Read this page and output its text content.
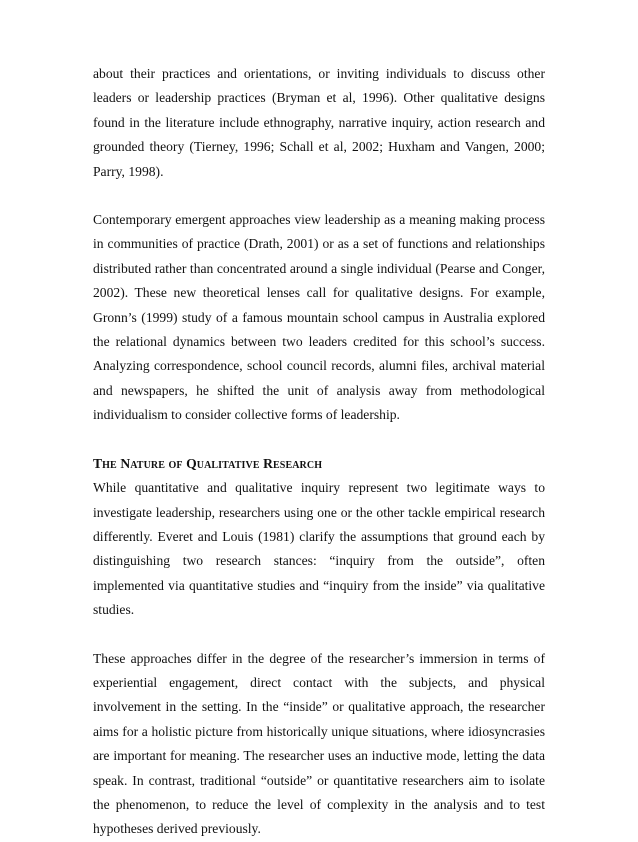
about their practices and orientations, or inviting individuals to discuss other leaders or leadership practices (Bryman et al, 1996). Other qualitative designs found in the literature include ethnography, narrative inquiry, action research and grounded theory (Tierney, 1996; Schall et al, 2002; Huxham and Vangen, 2000; Parry, 1998).

Contemporary emergent approaches view leadership as a meaning making process in communities of practice (Drath, 2001) or as a set of functions and relationships distributed rather than concentrated around a single individual (Pearse and Conger, 2002). These new theoretical lenses call for qualitative designs. For example, Gronn’s (1999) study of a famous mountain school campus in Australia explored the relational dynamics between two leaders credited for this school’s success. Analyzing correspondence, school council records, alumni files, archival material and newspapers, he shifted the unit of analysis away from methodological individualism to consider collective forms of leadership.

The Nature of Qualitative Research

While quantitative and qualitative inquiry represent two legitimate ways to investigate leadership, researchers using one or the other tackle empirical research differently. Everet and Louis (1981) clarify the assumptions that ground each by distinguishing two research stances: “inquiry from the outside”, often implemented via quantitative studies and “inquiry from the inside” via qualitative studies.

These approaches differ in the degree of the researcher’s immersion in terms of experiential engagement, direct contact with the subjects, and physical involvement in the setting. In the “inside” or qualitative approach, the researcher aims for a holistic picture from historically unique situations, where idiosyncrasies are important for meaning. The researcher uses an inductive mode, letting the data speak. In contrast, traditional “outside” or quantitative researchers aim to isolate the phenomenon, to reduce the level of complexity in the analysis and to test hypotheses derived previously.
